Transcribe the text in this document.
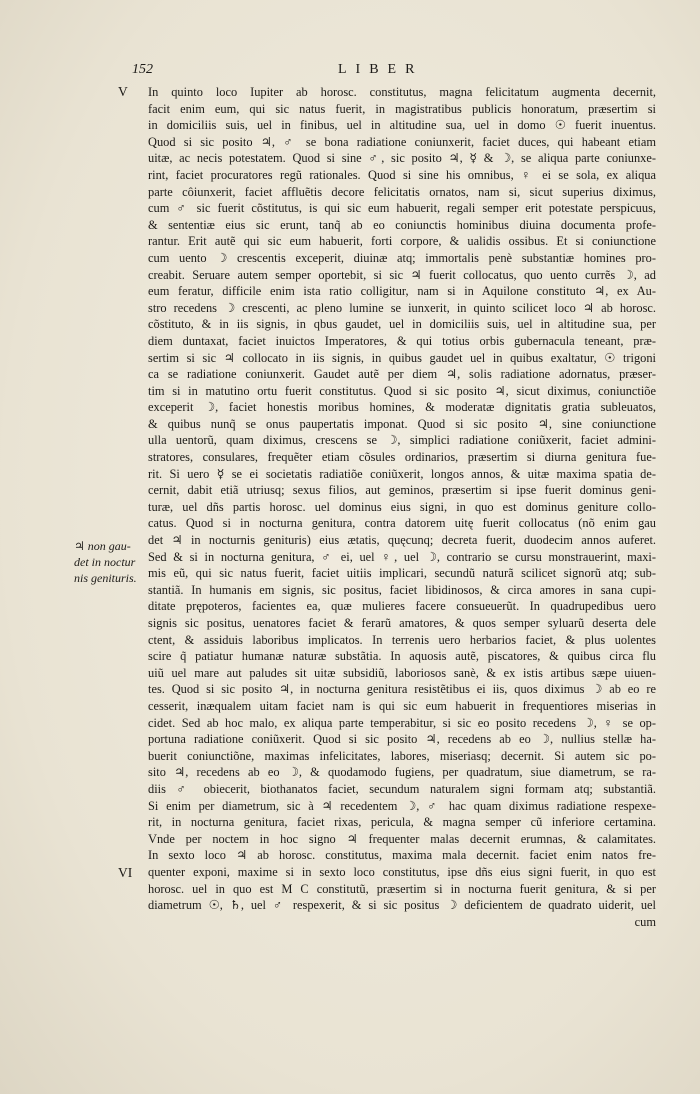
152	LIBER
V
VI
♃ non gau-
det in noctur
nis genituris.
In quinto loco Iupiter ab horosc. constitutus, magna felicitatum augmenta decernit,
facit enim eum, qui sic natus fuerit, in magistratibus publicis honoratum, præsertim si
in domiciliis suis, uel in finibus, uel in altitudine sua, uel in domo ☉ fuerit inuentus.
Quod si sic posito ♃, ♂ se bona radiatione coniunxerit, faciet duces, qui habeant etiam
uitæ, ac necis potestatem. Quod si sine ♂, sic posito ♃, ☿ & ☽, se aliqua parte coniunxe-
rint, faciet procuratores regũ rationales. Quod si sine his omnibus, ♀ ei se sola, ex aliqua
parte côiunxerit, faciet affluẽtis decore felicitatis ornatos, nam si, sicut superius diximus,
cum ♂ sic fuerit cõstitutus, is qui sic eum habuerit, regali semper erit potestate perspicuus,
& sententiæ eius sic erunt, tanq̃ ab eo coniunctis hominibus diuina documenta profe-
rantur. Erit autẽ qui sic eum habuerit, forti corpore, & ualidis ossibus. Et si coniunctione
cum uento ☽ crescentis exceperit, diuinæ atq; immortalis penè substantiæ homines pro-
creabit. Seruare autem semper oportebit, si sic ♃ fuerit collocatus, quo uento currẽs ☽, ad
eum feratur, difficile enim ista ratio colligitur, nam si in Aquilone constituto ♃, ex Au-
stro recedens ☽ crescenti, ac pleno lumine se iunxerit, in quinto scilicet loco ♃ ab horosc.
cõstituto, & in iis signis, in qbus gaudet, uel in domiciliis suis, uel in altitudine sua, per
diem duntaxat, faciet inuictos Imperatores, & qui totius orbis gubernacula teneant, præ-
sertim si sic ♃ collocato in iis signis, in quibus gaudet uel in quibus exaltatur, ☉ trigoni
ca se radiatione coniunxerit. Gaudet autẽ per diem ♃, solis radiatione adornatus, præser-
tim si in matutino ortu fuerit constitutus. Quod si sic posito ♃, sicut diximus, coniunctiõe
exceperit ☽, faciet honestis moribus homines, & moderatæ dignitatis gratia subleuatos,
& quibus nunq̃ se onus paupertatis imponat. Quod si sic posito ♃, sine coniunctione
ulla uentorũ, quam diximus, crescens se ☽, simplici radiatione coniũxerit, faciet admini-
stratores, consulares, frequẽter etiam cõsules ordinarios, præsertim si diurna genitura fue-
rit. Si uero ☿ se ei societatis radiatiõe coniũxerit, longos annos, & uitæ maxima spatia de-
cernit, dabit etiã utriusq; sexus filios, aut geminos, præsertim si ipse fuerit dominus geni-
turæ, uel dñs partis horosc. uel dominus eius signi, in quo est dominus geniture collo-
catus. Quod si in nocturna genitura, contra datorem uitę fuerit collocatus (nõ enim gau
det ♃ in nocturnis genituris) eius ætatis, quęcunq; decreta fuerit, duodecim annos auferet.
Sed & si in nocturna genitura, ♂ ei, uel ♀, uel ☽, contrario se cursu monstrauerint, maxi-
mis eũ, qui sic natus fuerit, faciet uitiis implicari, secundũ naturã scilicet signorũ atq; sub-
stantiã. In humanis em signis, sic positus, faciet libidinosos, & circa amores in sana cupi-
ditate prępoteros, facientes ea, quæ mulieres facere consueuerũt. In quadrupedibus uero
signis sic positus, uenatores faciet & ferarũ amatores, & quos semper syluarũ deserta dele
ctent, & assiduis laboribus implicatos. In terrenis uero herbarios faciet, & plus uolentes
scire q̃ patiatur humanæ naturæ substãtia. In aquosis autẽ, piscatores, & quibus circa flu
uiũ uel mare aut paludes sit uitæ subsidiũ, laboriosos sanè, & ex istis artibus sæpe uiuen-
tes. Quod si sic posito ♃, in nocturna genitura resistẽtibus ei iis, quos diximus ☽ ab eo re
cesserit, inæqualem uitam faciet nam is qui sic eum habuerit in frequentiores miserias in
cidet. Sed ab hoc malo, ex aliqua parte temperabitur, si sic eo posito recedens ☽, ♀ se op-
portuna radiatione coniũxerit. Quod si sic posito ♃, recedens ab eo ☽, nullius stellæ ha-
buerit coniunctiõne, maximas infelicitates, labores, miseriasq; decernit. Si autem sic po-
sito ♃, recedens ab eo ☽, & quodamodo fugiens, per quadratum, siue diametrum, se ra-
diis ♂ obiecerit, biothanatos faciet, secundum naturalem signi formam atq; substantiã.
Si enim per diametrum, sic à ♃ recedentem ☽, ♂ hac quam diximus radiatione respexe-
rit, in nocturna genitura, faciet rixas, pericula, & magna semper cũ inferiore certamina.
Vnde per noctem in hoc signo ♃ frequenter malas decernit erumnas, & calamitates.
In sexto loco ♃ ab horosc. constitutus, maxima mala decernit. faciet enim natos fre-
quenter exponi, maxime si in sexto loco constitutus, ipse dñs eius signi fuerit, in quo est
horosc. uel in quo est M C constitutũ, præsertim si in nocturna fuerit genitura, & si per
diametrum ☉, ♄, uel ♂ respexerit, & si sic positus ☽ deficientem de quadrato uiderit, uel
cum
